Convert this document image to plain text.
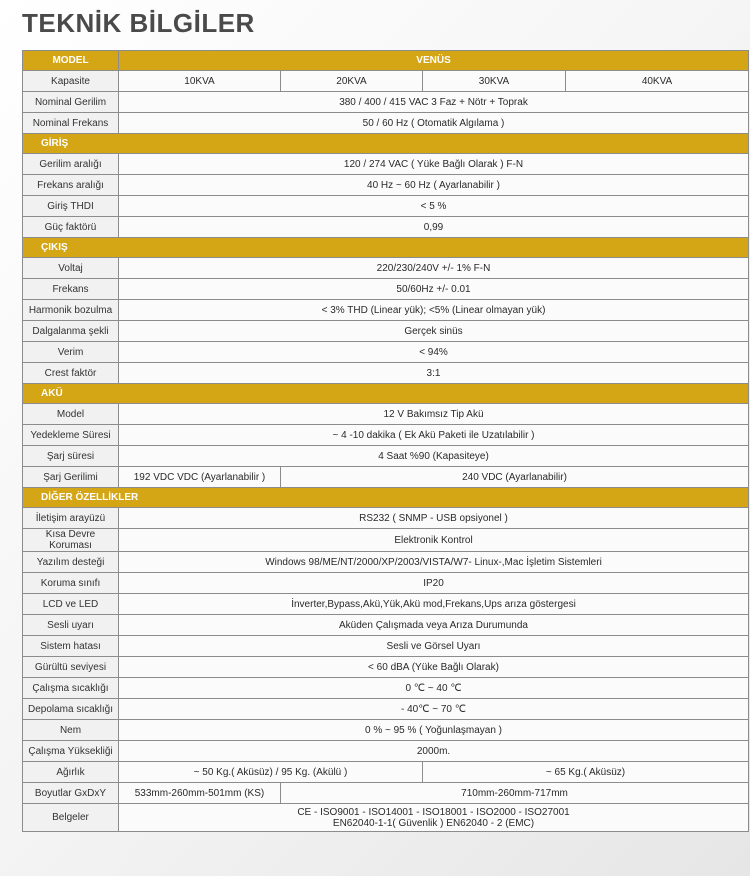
TEKNİK BİLGİLER
MODEL	VENÜS			
Kapasite	10KVA	20KVA	30KVA	40KVA
Nominal Gerilim	380 / 400 / 415 VAC 3 Faz + Nötr + Toprak			
Nominal Frekans	50 / 60 Hz ( Otomatik Algılama )			
GİRİŞ				
Gerilim aralığı	120 / 274 VAC ( Yüke Bağlı Olarak ) F-N			
Frekans aralığı	40 Hz ~ 60 Hz ( Ayarlanabilir )			
Giriş THDI	< 5 %			
Güç faktörü	0,99			
ÇIKIŞ				
Voltaj	220/230/240V +/- 1% F-N			
Frekans	50/60Hz +/- 0.01			
Harmonik bozulma	< 3% THD (Linear yük); <5% (Linear olmayan yük)			
Dalgalanma şekli	Gerçek sinüs			
Verim	< 94%			
Crest faktör	3:1			
AKÜ				
Model	12 V Bakımsız Tip Akü			
Yedekleme Süresi	~ 4 -10 dakika ( Ek Akü Paketi ile Uzatılabilir )			
Şarj süresi	4 Saat %90 (Kapasiteye)			
Şarj Gerilimi	192 VDC VDC (Ayarlanabilir )	240 VDC (Ayarlanabilir)		
DİĞER ÖZELLİKLER				
İletişim arayüzü	RS232 ( SNMP - USB opsiyonel )			
Kısa Devre Koruması	Elektronik Kontrol			
Yazılım desteği	Windows 98/ME/NT/2000/XP/2003/VISTA/W7- Linux-,Mac İşletim Sistemleri			
Koruma sınıfı	IP20			
LCD ve LED	İnverter,Bypass,Akü,Yük,Akü mod,Frekans,Ups arıza göstergesi			
Sesli uyarı	Aküden Çalışmada veya Arıza Durumunda			
Sistem hatası	Sesli ve Görsel Uyarı			
Gürültü seviyesi	< 60 dBA (Yüke Bağlı Olarak)			
Çalışma sıcaklığı	0 ℃ ~ 40 ℃			
Depolama sıcaklığı	- 40℃ ~ 70 ℃			
Nem	0 % ~ 95 % ( Yoğunlaşmayan )			
Çalışma Yüksekliği	2000m.			
Ağırlık	~ 50 Kg.( Aküsüz) / 95 Kg. (Akülü )		~ 65 Kg.( Aküsüz)	
Boyutlar GxDxY	533mm-260mm-501mm (KS)	710mm-260mm-717mm		
Belgeler	CE - ISO9001 - ISO14001 - ISO18001 - ISO2000 - ISO27001
EN62040-1-1( Güvenlik ) EN62040 - 2 (EMC)			
